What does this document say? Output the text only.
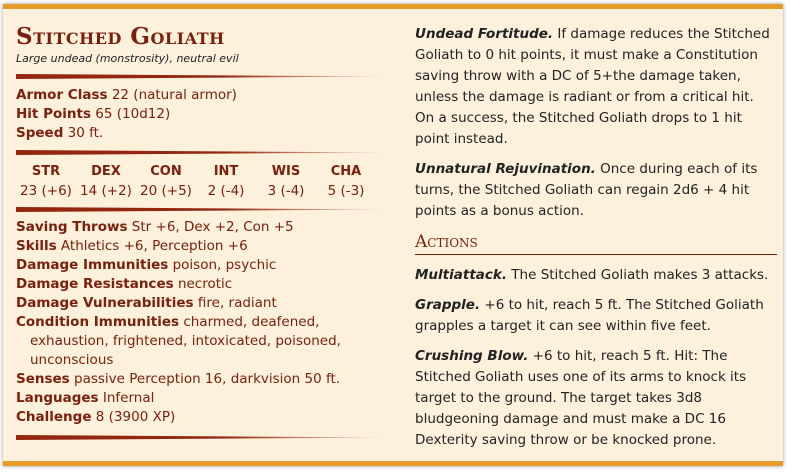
Stitched Goliath
Large undead (monstrosity), neutral evil
Armor Class 22 (natural armor)
Hit Points 65 (10d12)
Speed 30 ft.
STR
23 (+6)
DEX
14 (+2)
CON
20 (+5)
INT
2 (-4)
WIS
3 (-4)
CHA
5 (-3)
Saving Throws Str +6, Dex +2, Con +5
Skills Athletics +6, Perception +6
Damage Immunities poison, psychic
Damage Resistances necrotic
Damage Vulnerabilities fire, radiant
Condition Immunities charmed, deafened, exhaustion, frightened, intoxicated, poisoned, unconscious
Senses passive Perception 16, darkvision 50 ft.
Languages Infernal
Challenge 8 (3900 XP)
Undead Fortitude. If damage reduces the Stitched Goliath to 0 hit points, it must make a Constitution saving throw with a DC of 5+the damage taken, unless the damage is radiant or from a critical hit. On a success, the Stitched Goliath drops to 1 hit point instead.
Unnatural Rejuvination. Once during each of its turns, the Stitched Goliath can regain 2d6 + 4 hit points as a bonus action.
Actions
Multiattack. The Stitched Goliath makes 3 attacks.
Grapple. +6 to hit, reach 5 ft. The Stitched Goliath grapples a target it can see within five feet.
Crushing Blow. +6 to hit, reach 5 ft. Hit: The Stitched Goliath uses one of its arms to knock its target to the ground. The target takes 3d8 bludgeoning damage and must make a DC 16 Dexterity saving throw or be knocked prone.
